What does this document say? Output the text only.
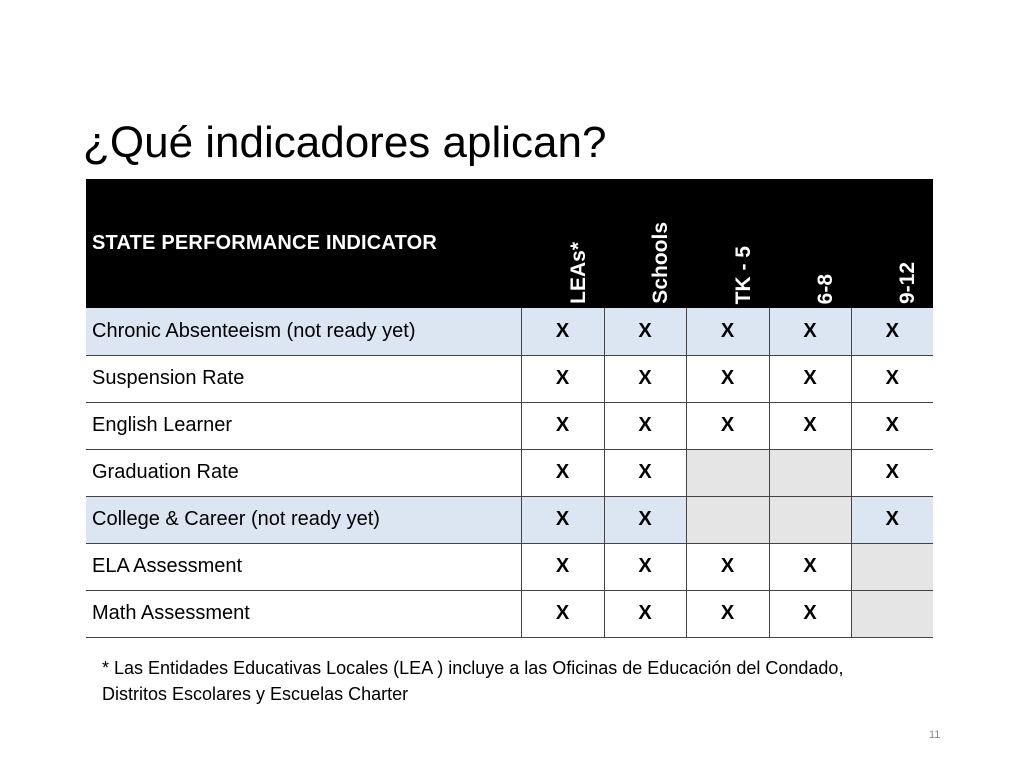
¿Qué indicadores aplican?
STATE PERFORMANCE INDICATOR	LEAs*	Schools	TK - 5	6-8	9-12

Chronic Absenteeism (not ready yet)	X	X	X	X	X
Suspension Rate	X	X	X	X	X
English Learner	X	X	X	X	X
Graduation Rate	X	X			X
College & Career (not ready yet)	X	X			X
ELA Assessment	X	X	X	X	
Math Assessment	X	X	X	X	
* Las Entidades Educativas Locales (LEA ) incluye a las Oficinas de Educación del Condado, Distritos Escolares y Escuelas Charter
11
